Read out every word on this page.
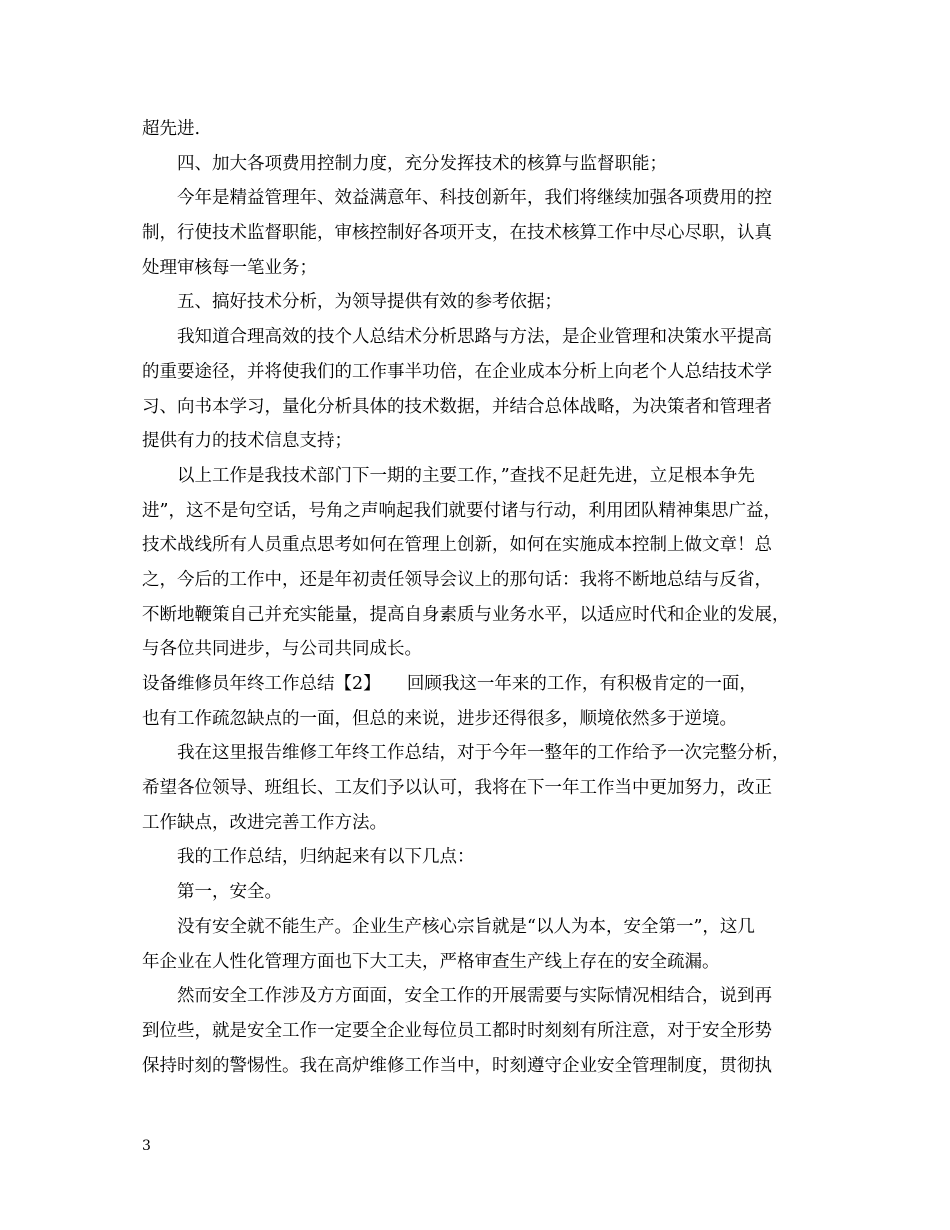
超先进.
　　四、加大各项费用控制力度，充分发挥技术的核算与监督职能；
　　今年是精益管理年、效益满意年、科技创新年，我们将继续加强各项费用的控
制，行使技术监督职能，审核控制好各项开支，在技术核算工作中尽心尽职，认真
处理审核每一笔业务；
　　五、搞好技术分析，为领导提供有效的参考依据；
　　我知道合理高效的技个人总结术分析思路与方法，是企业管理和决策水平提高
的重要途径，并将使我们的工作事半功倍，在企业成本分析上向老个人总结技术学
习、向书本学习，量化分析具体的技术数据，并结合总体战略，为决策者和管理者
提供有力的技术信息支持；
　　以上工作是我技术部门下一期的主要工作，”查找不足赶先进，立足根本争先
进”，这不是句空话，号角之声响起我们就要付诸与行动，利用团队精神集思广益，
技术战线所有人员重点思考如何在管理上创新，如何在实施成本控制上做文章！总
之，今后的工作中，还是年初责任领导会议上的那句话：我将不断地总结与反省，
不断地鞭策自己并充实能量，提高自身素质与业务水平，以适应时代和企业的发展，
与各位共同进步，与公司共同成长。
设备维修员年终工作总结【2】　　回顾我这一年来的工作，有积极肯定的一面，
也有工作疏忽缺点的一面，但总的来说，进步还得很多，顺境依然多于逆境。
　　我在这里报告维修工年终工作总结，对于今年一整年的工作给予一次完整分析，
希望各位领导、班组长、工友们予以认可，我将在下一年工作当中更加努力，改正
工作缺点，改进完善工作方法。
　　我的工作总结，归纳起来有以下几点：
　　第一，安全。
　　没有安全就不能生产。企业生产核心宗旨就是“以人为本，安全第一”，这几
年企业在人性化管理方面也下大工夫，严格审查生产线上存在的安全疏漏。
　　然而安全工作涉及方方面面，安全工作的开展需要与实际情况相结合，说到再
到位些，就是安全工作一定要全企业每位员工都时时刻刻有所注意，对于安全形势
保持时刻的警惕性。我在高炉维修工作当中，时刻遵守企业安全管理制度，贯彻执
3
